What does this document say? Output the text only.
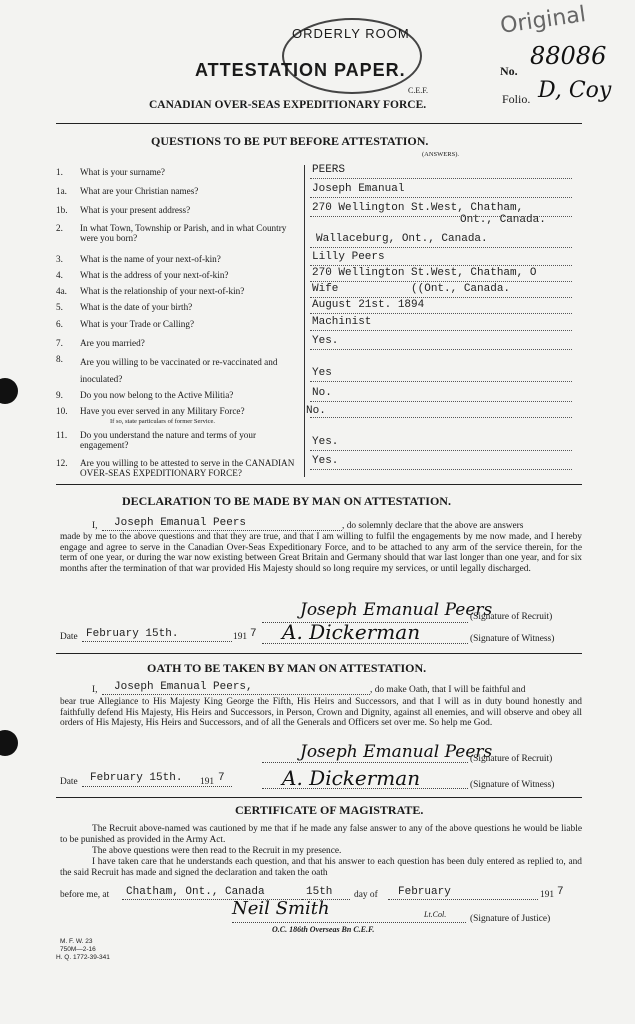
Original
No.
88086
Folio. D, Coy
ORDERLY ROOM
C.E.F.
ATTESTATION PAPER.
CANADIAN OVER-SEAS EXPEDITIONARY FORCE.
QUESTIONS TO BE PUT BEFORE ATTESTATION.
(ANSWERS).
1.	What is your surname?	PEERS
1a.	What are your Christian names?	Joseph Emanual
1b.	What is your present address?	270 Wellington St.West, Chatham,
Ont., Canada.
2.	In what Town, Township or Parish, and in what Country were you born?	Wallaceburg, Ont., Canada.
3.	What is the name of your next-of-kin?	Lilly Peers
4.	What is the address of your next-of-kin?	270 Wellington St.West, Chatham, O
4a.	What is the relationship of your next-of-kin?	Wife           ((Ont., Canada.
5.	What is the date of your birth?	August 21st. 1894
6.	What is your Trade or Calling?	Machinist
7.	Are you married?	Yes.
8.	Are you willing to be vaccinated or re-vaccinated and inoculated?	Yes
9.	Do you now belong to the Active Militia?	No.
10.	Have you ever served in any Military Force?
If so, state particulars of former Service.
No.
11.	Do you understand the nature and terms of your engagement?	Yes.
12.	Are you willing to be attested to serve in the CANADIAN OVER-SEAS EXPEDITIONARY FORCE?
Yes.
DECLARATION TO BE MADE BY MAN ON ATTESTATION.
I, Joseph Emanual Peers	, do solemnly declare that the above are answers
made by me to the above questions and that they are true, and that I am willing to fulfil the engagements by me now made, and I hereby engage and agree to serve in the Canadian Over-Seas Expeditionary Force, and to be attached to any arm of the service therein, for the term of one year, or during the war now existing between Great Britain and Germany should that war last longer than one year, and for six months after the termination of that war provided His Majesty should so long require my services, or until legally discharged.
Joseph Emanual Peers
(Signature of Recruit)
Date February 15th.	191 7 A. Dickerman	(Signature of Witness)
OATH TO BE TAKEN BY MAN ON ATTESTATION.
I, Joseph Emanual Peers,	, do make Oath, that I will be faithful and
bear true Allegiance to His Majesty King George the Fifth, His Heirs and Successors, and that I will as in duty bound honestly and faithfully defend His Majesty, His Heirs and Successors, in Person, Crown and Dignity, against all enemies, and will observe and obey all orders of His Majesty, His Heirs and Successors, and of all the Generals and Officers set over me. So help me God.
Joseph Emanual Peers
(Signature of Recruit)
Date February 15th. 191 7	A. Dickerman	(Signature of Witness)
CERTIFICATE OF MAGISTRATE.
The Recruit above-named was cautioned by me that if he made any false answer to any of the above questions he would be liable to be punished as provided in the Army Act.
The above questions were then read to the Recruit in my presence.
I have taken care that he understands each question, and that his answer to each question has been duly entered as replied to, and the said Recruit has made and signed the declaration and taken the oath
before me, at Chatham, Ont., Canada	15th day of February	191 7
Neil Smith	Lt.Col.	(Signature of Justice)
O.C. 186th Overseas Bn C.E.F.
M. F. W. 23
750M—2-16
H. Q. 1772-39-341
